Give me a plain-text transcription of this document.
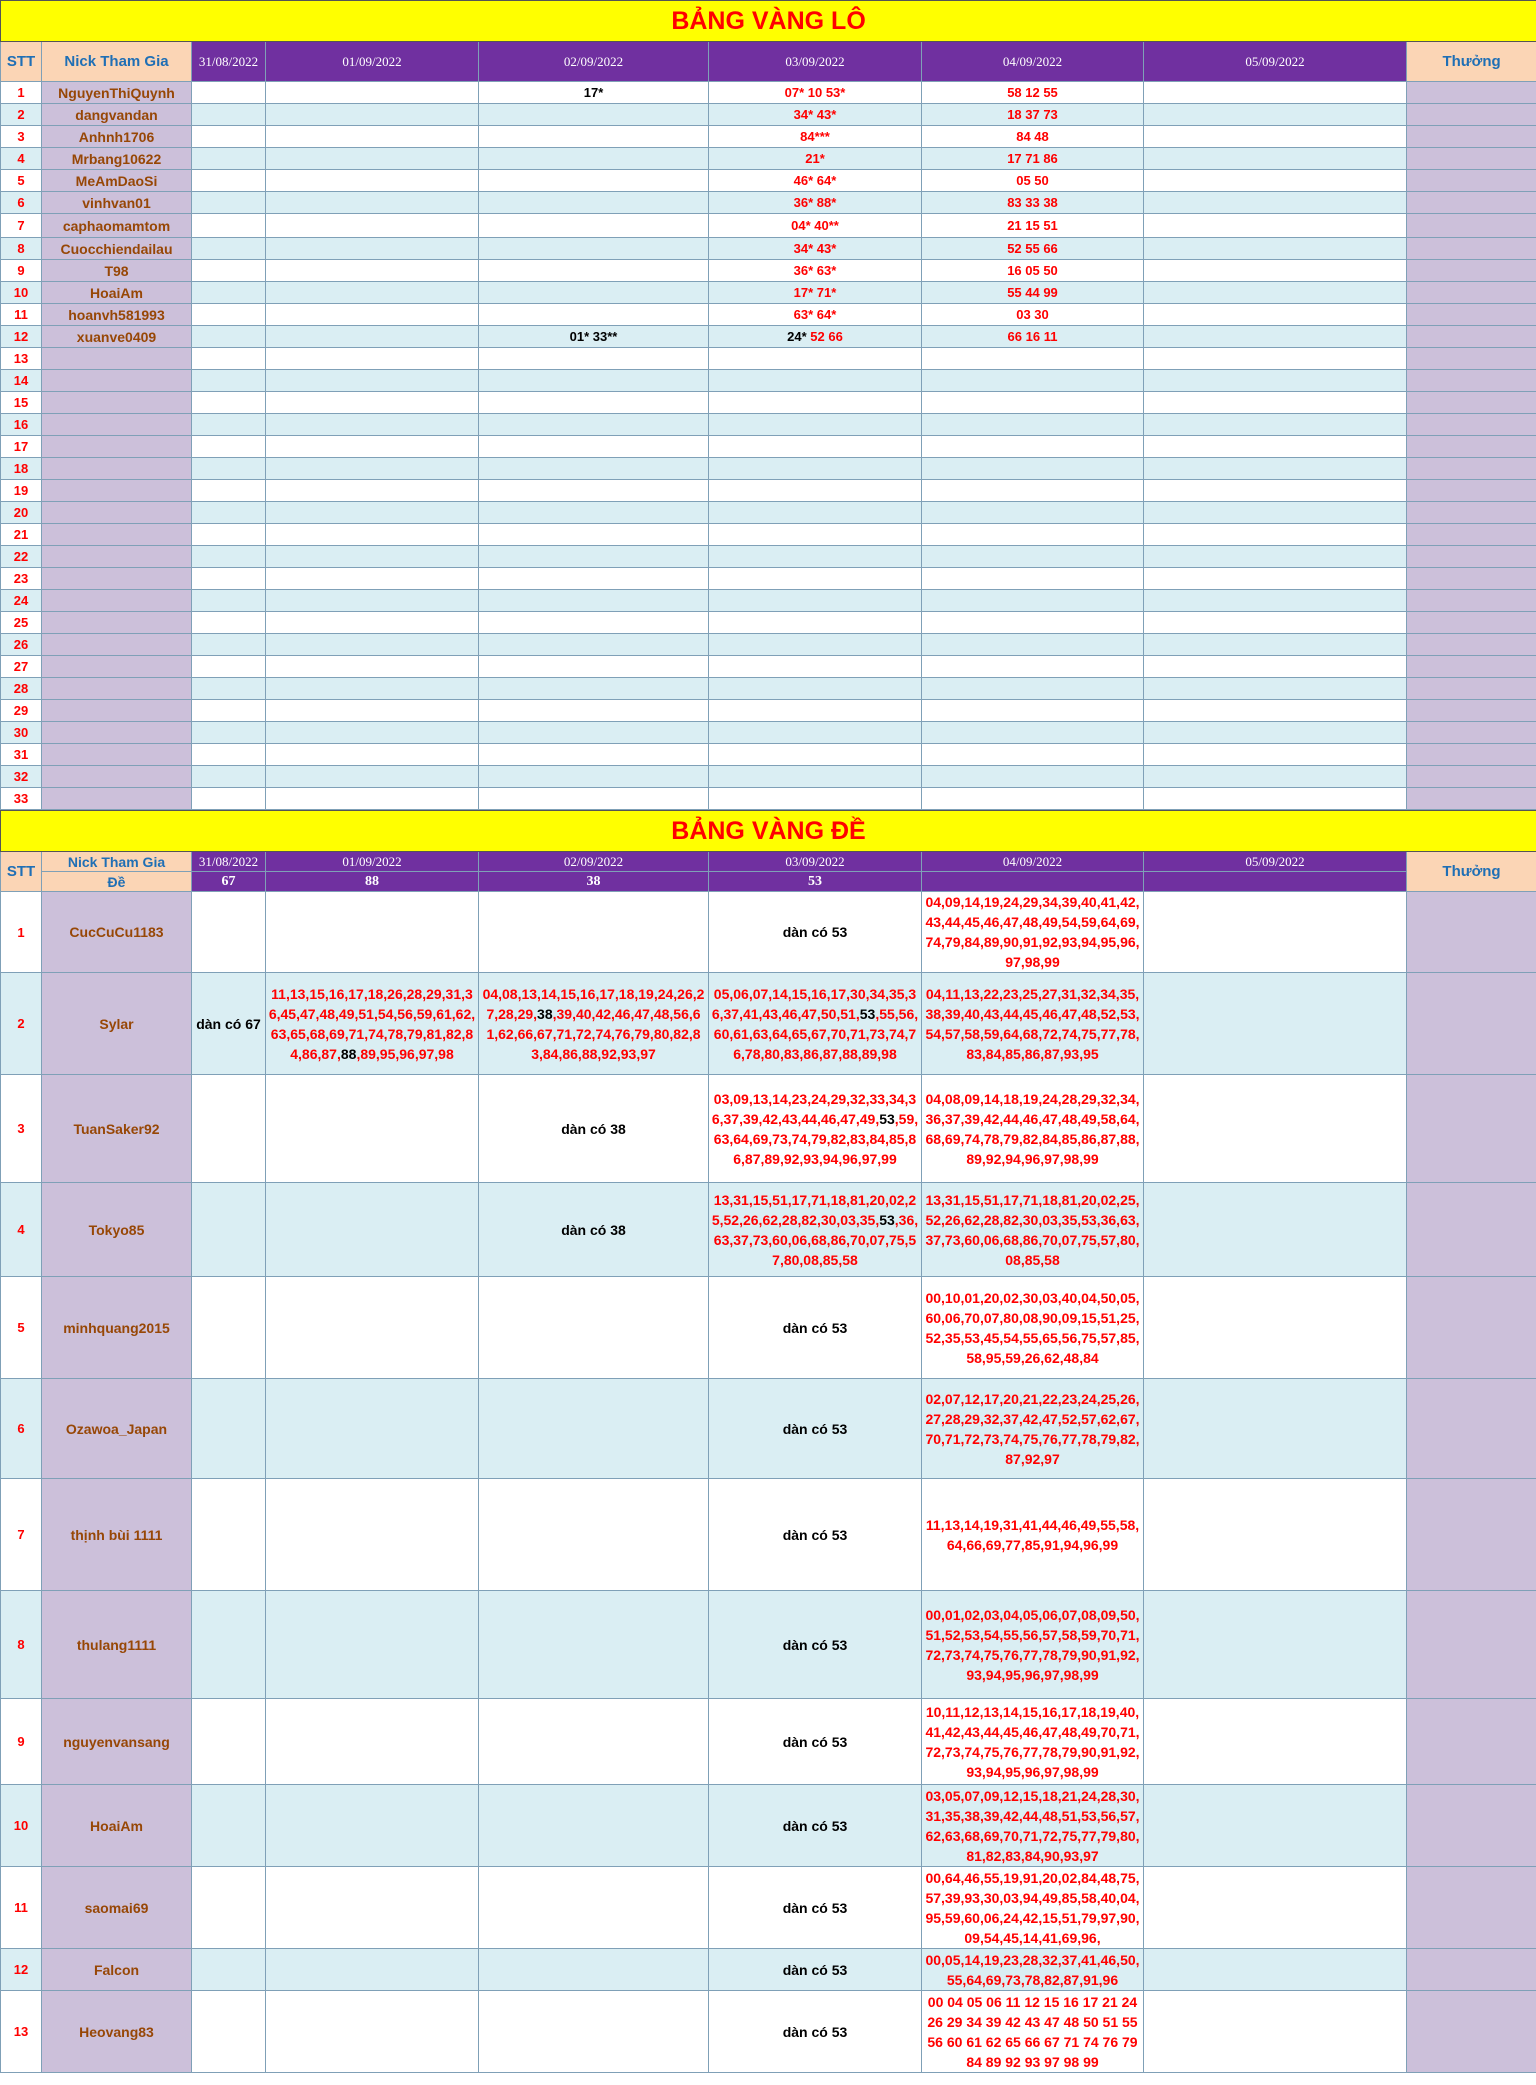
BẢNG VÀNG LÔ								
STT	Nick Tham Gia	31/08/2022	01/09/2022	02/09/2022	03/09/2022	04/09/2022	05/09/2022	Thưởng
1	NguyenThiQuynh			17*	07* 10 53*	58 12 55		
2	dangvandan				34* 43*	18 37 73		
3	Anhnh1706				84***	84 48		
4	Mrbang10622				21*	17 71 86		
5	MeAmDaoSi				46* 64*	05 50		
6	vinhvan01				36* 88*	83 33 38		
7	caphaomamtom				04* 40**	21 15 51		
8	Cuocchiendailau				34* 43*	52 55 66		
9	T98				36* 63*	16 05 50		
10	HoaiAm				17* 71*	55 44 99		
11	hoanvh581993				63* 64*	03 30		
12	xuanve0409			01* 33**	24* 52 66	66 16 11		
13								
14								
15								
16								
17								
18								
19								
20								
21								
22								
23								
24								
25								
26								
27								
28								
29								
30								
31								
32								
33								
BẢNG VÀNG ĐỀ								
STT	Nick Tham Gia	31/08/2022	01/09/2022	02/09/2022	03/09/2022	04/09/2022	05/09/2022	Thưởng
	Đề	67	88	38	53			
1	CucCuCu1183				dàn có 53	04,09,14,19,24,29,34,39,40,41,42,43,44,45,46,47,48,49,54,59,64,69,74,79,84,89,90,91,92,93,94,95,96,97,98,99		
2	Sylar	dàn có 67	11,13,15,16,17,18,26,28,29,31,36,45,47,48,49,51,54,56,59,61,62,63,65,68,69,71,74,78,79,81,82,84,86,87,88,89,95,96,97,98	04,08,13,14,15,16,17,18,19,24,26,27,28,29,38,39,40,42,46,47,48,56,61,62,66,67,71,72,74,76,79,80,82,83,84,86,88,92,93,97	05,06,07,14,15,16,17,30,34,35,36,37,41,43,46,47,50,51,53,55,56,60,61,63,64,65,67,70,71,73,74,76,78,80,83,86,87,88,89,98	04,11,13,22,23,25,27,31,32,34,35,38,39,40,43,44,45,46,47,48,52,53,54,57,58,59,64,68,72,74,75,77,78,83,84,85,86,87,93,95		
3	TuanSaker92			dàn có 38	03,09,13,14,23,24,29,32,33,34,36,37,39,42,43,44,46,47,49,53,59,63,64,69,73,74,79,82,83,84,85,86,87,89,92,93,94,96,97,99	04,08,09,14,18,19,24,28,29,32,34,36,37,39,42,44,46,47,48,49,58,64,68,69,74,78,79,82,84,85,86,87,88,89,92,94,96,97,98,99		
4	Tokyo85			dàn có 38	13,31,15,51,17,71,18,81,20,02,25,52,26,62,28,82,30,03,35,53,36,63,37,73,60,06,68,86,70,07,75,57,80,08,85,58	13,31,15,51,17,71,18,81,20,02,25,52,26,62,28,82,30,03,35,53,36,63,37,73,60,06,68,86,70,07,75,57,80,08,85,58		
5	minhquang2015				dàn có 53	00,10,01,20,02,30,03,40,04,50,05,60,06,70,07,80,08,90,09,15,51,25,52,35,53,45,54,55,65,56,75,57,85,58,95,59,26,62,48,84		
6	Ozawoa_Japan				dàn có 53	02,07,12,17,20,21,22,23,24,25,26,27,28,29,32,37,42,47,52,57,62,67,70,71,72,73,74,75,76,77,78,79,82,87,92,97		
7	thịnh bùi 1111				dàn có 53	11,13,14,19,31,41,44,46,49,55,58,64,66,69,77,85,91,94,96,99		
8	thulang1111				dàn có 53	00,01,02,03,04,05,06,07,08,09,50,51,52,53,54,55,56,57,58,59,70,71,72,73,74,75,76,77,78,79,90,91,92,93,94,95,96,97,98,99		
9	nguyenvansang				dàn có 53	10,11,12,13,14,15,16,17,18,19,40,41,42,43,44,45,46,47,48,49,70,71,72,73,74,75,76,77,78,79,90,91,92,93,94,95,96,97,98,99		
10	HoaiAm				dàn có 53	03,05,07,09,12,15,18,21,24,28,30,31,35,38,39,42,44,48,51,53,56,57,62,63,68,69,70,71,72,75,77,79,80,81,82,83,84,90,93,97		
11	saomai69				dàn có 53	00,64,46,55,19,91,20,02,84,48,75,57,39,93,30,03,94,49,85,58,40,04,95,59,60,06,24,42,15,51,79,97,90,09,54,45,14,41,69,96,		
12	Falcon				dàn có 53	00,05,14,19,23,28,32,37,41,46,50,55,64,69,73,78,82,87,91,96		
13	Heovang83				dàn có 53	00 04 05 06 11 12 15 16 17 21 24 26 29 34 39 42 43 47 48 50 51 55 56 60 61 62 65 66 67 71 74 76 79 84 89 92 93 97 98 99		
